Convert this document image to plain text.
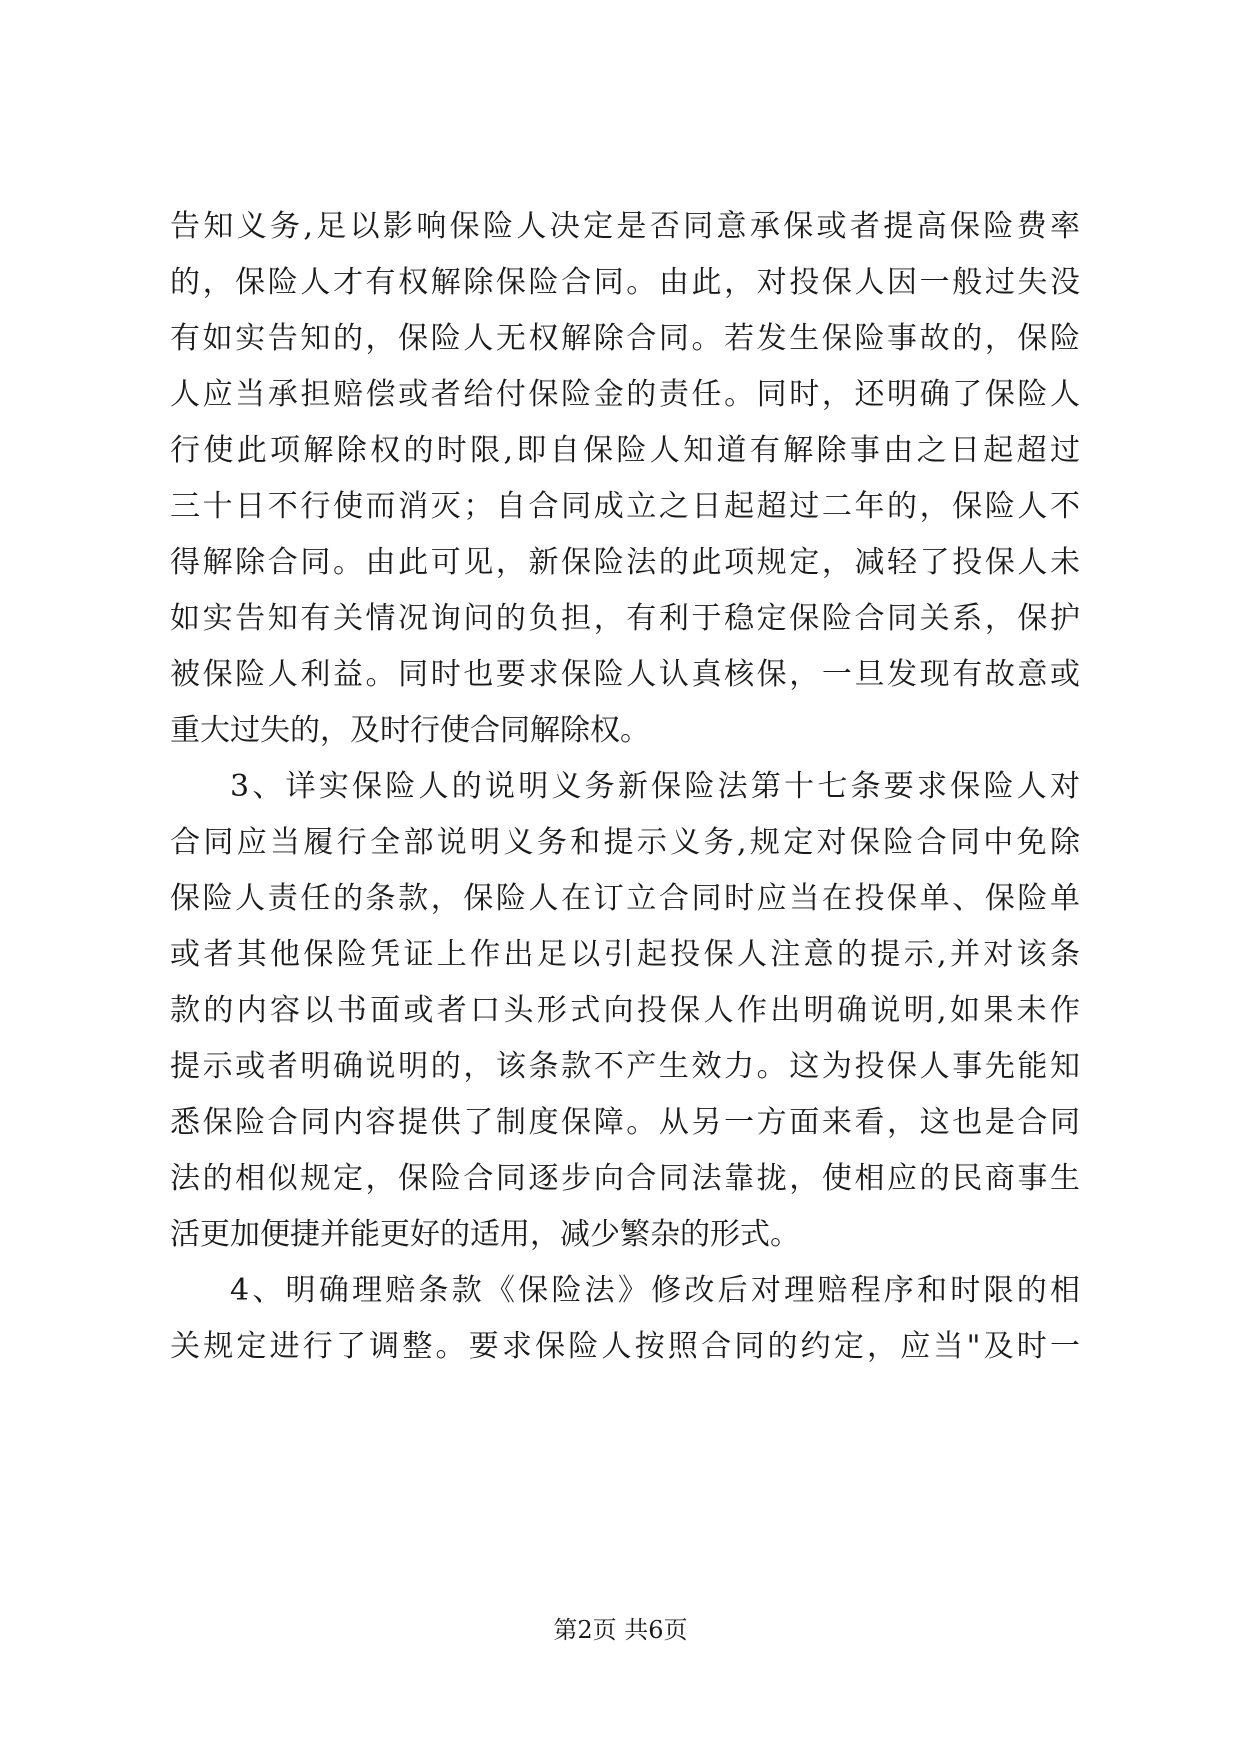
告知义务,足以影响保险人决定是否同意承保或者提高保险费率
的，保险人才有权解除保险合同。由此，对投保人因一般过失没
有如实告知的，保险人无权解除合同。若发生保险事故的，保险
人应当承担赔偿或者给付保险金的责任。同时，还明确了保险人
行使此项解除权的时限,即自保险人知道有解除事由之日起超过
三十日不行使而消灭；自合同成立之日起超过二年的，保险人不
得解除合同。由此可见，新保险法的此项规定，减轻了投保人未
如实告知有关情况询问的负担，有利于稳定保险合同关系，保护
被保险人利益。同时也要求保险人认真核保，一旦发现有故意或
重大过失的，及时行使合同解除权。
3、详实保险人的说明义务新保险法第十七条要求保险人对
合同应当履行全部说明义务和提示义务,规定对保险合同中免除
保险人责任的条款，保险人在订立合同时应当在投保单、保险单
或者其他保险凭证上作出足以引起投保人注意的提示,并对该条
款的内容以书面或者口头形式向投保人作出明确说明,如果未作
提示或者明确说明的，该条款不产生效力。这为投保人事先能知
悉保险合同内容提供了制度保障。从另一方面来看，这也是合同
法的相似规定，保险合同逐步向合同法靠拢，使相应的民商事生
活更加便捷并能更好的适用，减少繁杂的形式。
4、明确理赔条款《保险法》修改后对理赔程序和时限的相
关规定进行了调整。要求保险人按照合同的约定，应当"及时一
第2页 共6页
